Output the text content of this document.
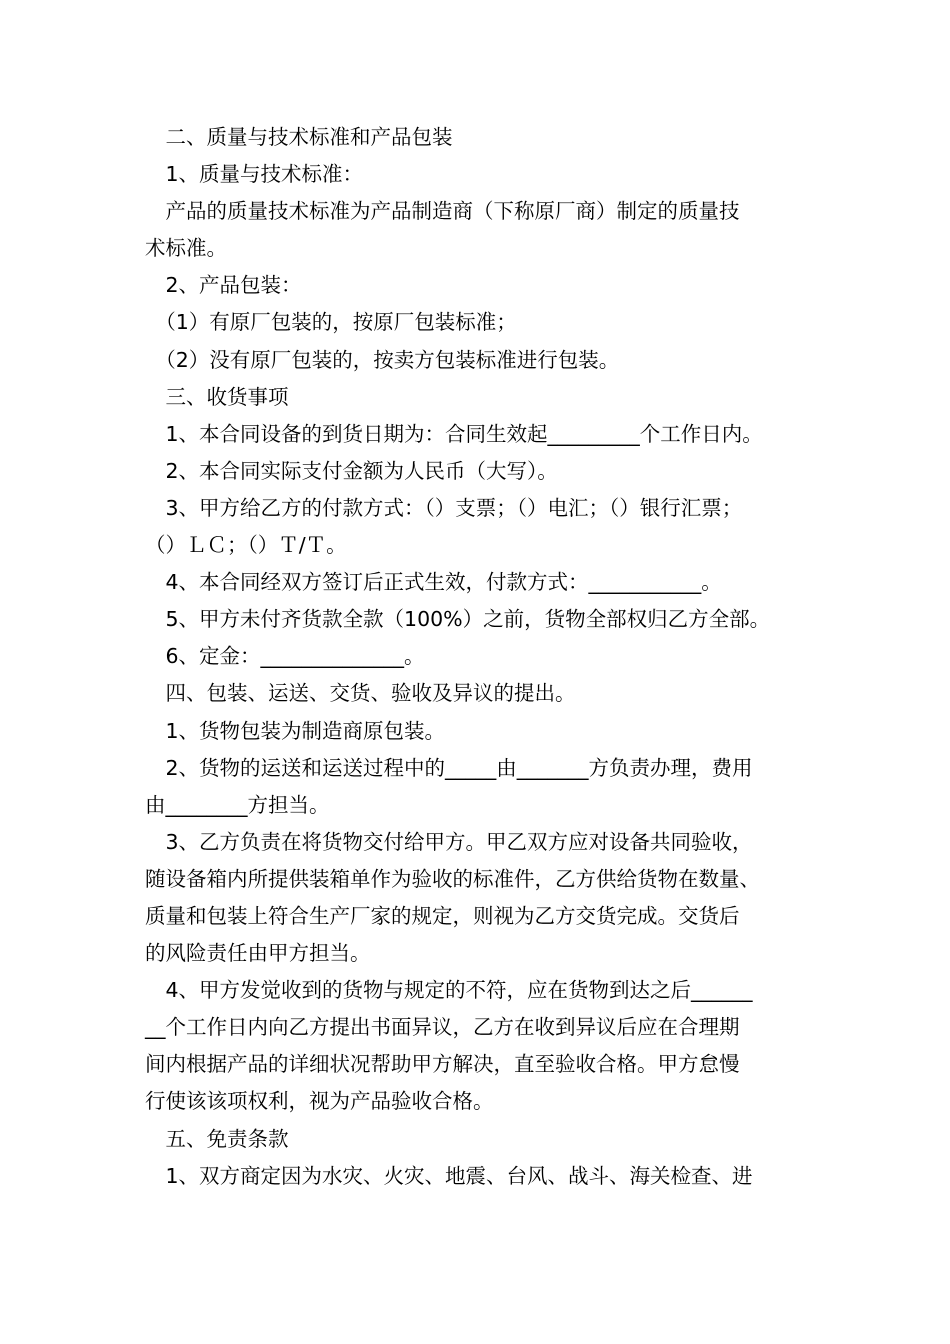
　二、质量与技术标准和产品包装
　1、质量与技术标准：
　产品的质量技术标准为产品制造商（下称原厂商）制定的质量技
术标准。
　2、产品包装：
　（1）有原厂包装的，按原厂包装标准；
　（2）没有原厂包装的，按卖方包装标准进行包装。
　三、收货事项
　1、本合同设备的到货日期为：合同生效起_________个工作日内。
　2、本合同实际支付金额为人民币（大写）。
　3、甲方给乙方的付款方式：（）支票；（）电汇；（）银行汇票；
（）ＬＣ；（）Ｔ/Ｔ。
　4、本合同经双方签订后正式生效，付款方式：___________。
　5、甲方未付齐货款全款（100%）之前，货物全部权归乙方全部。
　6、定金：______________。
　四、包装、运送、交货、验收及异议的提出。
　1、货物包装为制造商原包装。
　2、货物的运送和运送过程中的_____由_______方负责办理，费用
由________方担当。
　3、乙方负责在将货物交付给甲方。甲乙双方应对设备共同验收，
随设备箱内所提供装箱单作为验收的标准件，乙方供给货物在数量、
质量和包装上符合生产厂家的规定，则视为乙方交货完成。交货后
的风险责任由甲方担当。
　4、甲方发觉收到的货物与规定的不符，应在货物到达之后______
__个工作日内向乙方提出书面异议，乙方在收到异议后应在合理期
间内根据产品的详细状况帮助甲方解决，直至验收合格。甲方怠慢
行使该该项权利，视为产品验收合格。
　五、免责条款
　1、双方商定因为水灾、火灾、地震、台风、战斗、海关检查、进
